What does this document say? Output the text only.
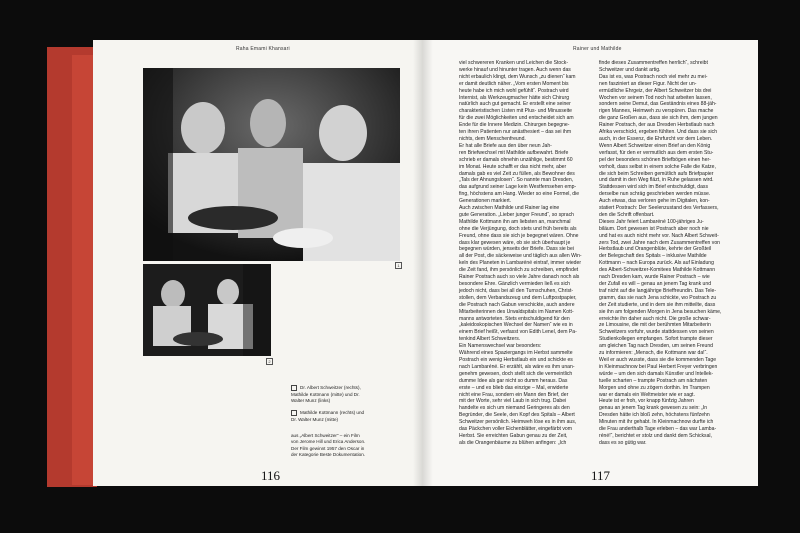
Raha Emami Khansari
1
2

Dr. Albert Schweitzer (rechts),

Mathilde Kottmann (mitte) und Dr.

Walter Munz (links)

Mathilde Kottmann (rechts) und

Dr. Walter Munz (mitte)

aus „Albert Schweitzer“ – ein Film

von Jerome Hill und Erica Anderson.

Der Film gewinnt 1957 den Oscar in

der Kategorie Beste Dokumentation.

116
Rainer und Mathilde

viel schwereren Kranken und Leichen die Stock-

werke hinauf und hinunter tragen. Auch wenn das

nicht erbaulich klingt, dem Wunsch „zu dienen“ kam

er damit deutlich näher. „Vom ersten Moment bis

heute habe ich mich wohl gefühlt“. Postrach wird

Internist, als Werkzeugmacher hätte sich Chirurg

natürlich auch gut gemacht. Er erstellt eine seiner

charakteristischen Listen mit Plus- und Minusseite

für die zwei Möglichkeiten und entscheidet sich am

Ende für die Innere Medizin. Chirurgen begegne-

ten ihren Patienten nur anästhesiert – das sei ihm

nichts, dem Menschenfreund.

Er hat alle Briefe aus den über neun Jah-

ren Briefwechsel mit Mathilde aufbewahrt. Briefe

schrieb er damals ohnehin unzählige, bestimmt 60

im Monat. Heute schafft er das nicht mehr, aber

damals gab es viel Zeit zu füllen, als Bewohner des

„Tals der Ahnungslosen“. So nannte man Dresden,

das aufgrund seiner Lage kein Westfernsehen emp-

fing, höchstens am Hang. Wieder so eine Formel, die

Generationen markiert.

Auch zwischen Mathilde und Rainer lag eine

gute Generation. „Lieber junger Freund“, so sprach

Mathilde Kottmann ihn am liebsten an, manchmal

ohne die Verjüngung, doch stets und früh bereits als

Freund, ohne dass sie sich je begegnet wären. Ohne

dass klar gewesen wäre, ob sie sich überhaupt je

begegnen würden, jenseits der Briefe. Dass sie bei

all der Post, die säckeweise und täglich aus allen Win-

keln des Planeten in Lambaréné eintraf, immer wieder

die Zeit fand, ihm persönlich zu schreiben, empfindet

Rainer Postrach auch so viele Jahre danach noch als

besondere Ehre. Gänzlich vermieden ließ es sich

jedoch nicht, dass bei all den Turnschuhen, Christ-

stollen, dem Verbandszeug und dem Luftpostpapier,

die Postrach nach Gabun verschickte, auch andere

Mitarbeiterinnen des Urwaldspitals im Namen Kott-

manns antworteten. Stets entschuldigend für den

„kaleidoskopischen Wechsel der Namen“ wie es in

einem Brief heißt, verfasst von Edith Lenel, dem Pa-

tenkind Albert Schweitzers.

Ein Namenswechsel war besonders:

Während eines Spaziergangs im Herbst sammelte

Postrach ein wenig Herbstlaub ein und schickte es

nach Lambaréné. Er erzählt, als wäre es ihm unan-

genehm gewesen, doch stellt sich die vermeintlich

dumme Idee als gar nicht so dumm heraus. Das

erste – und es blieb das einzige – Mal, erwiderte

nicht eine Frau, sondern ein Mann den Brief, der

mit der Worte, sehr viel Laub in sich trug. Dabei

handelte es sich um niemand Geringeres als den

Begründer, die Seele, den Kopf des Spitals – Albert

Schweitzer persönlich. Heimweh löse es in ihm aus,

das Päckchen voller Eichenblätter, eingefärbt vom

Herbst. Sie erreichten Gabun genau zu der Zeit,

als die Orangenbäume zu blühen anfingen: „Ich

finde dieses Zusammentreffen herrlich“, schreibt

Schweitzer und dankt artig.

Das ist es, was Postrach noch viel mehr zu mei-

nen fasziniert an dieser Figur. Nicht der un-

ermüdliche Ehrgeiz, der Albert Schweitzer bis drei

Wochen vor seinem Tod noch hat arbeiten lassen,

sondern seine Demut, das Geständnis eines 88-jäh-

rigen Mannes, Heimweh zu verspüren. Das mache

die ganz Großen aus, dass sie sich ihm, dem jungen

Rainer Postrach, der aus Dresden Herbstlaub nach

Afrika verschickt, ergeben fühlten. Und dass sie sich

auch, in der Essenz, die Ehrfurcht vor dem Leben.

Wenn Albert Schweitzer einen Brief an den König

verfasst, für den er vermutlich aus dem ersten Stu-

pel der besonders schönen Briefbögen einen her-

vorholt, dass selbst in einem solche Falle die Katze,

die sich beim Schreiben gemütlich aufs Briefpapier

und damit in den Weg fläzt, in Ruhe gelassen wird.

Stattdessen wird sich im Brief entschuldigt, dass

derselbe nun schräg geschrieben werden müsse.

Auch etwas, das verloren gehe im Digitalen, kon-

statiert Postrach: Der Seelenzustand des Verfassers,

den die Schrift offenbart.

Dieses Jahr feiert Lambaréné 100-jähriges Ju-

biläum. Dort gewesen ist Postrach aber noch nie

und hat es auch nicht mehr vor. Nach Albert Schweit-

zers Tod, zwei Jahre nach dem Zusammentreffen von

Herbstlaub und Orangenblüte, kehrte der Großteil

der Belegschaft des Spitals – inklusive Mathilde

Kottmann – nach Europa zurück. Als auf Einladung

des Albert-Schweitzer-Komitees Mathilde Kottmann

nach Dresden kam, wurde Rainer Postrach – wie

der Zufall es will – genau an jenem Tag krank und

traf nicht auf die langjährige Brieffreundin. Das Tele-

gramm, das sie nach Jena schickte, wo Postrach zu

der Zeit studierte, und in dem sie ihm mitteilte, dass

sie ihn am folgenden Morgen in Jena besuchen käme,

erreichte ihn daher auch nicht. Die große schwar-

ze Limousine, die mit der berühmten Mitarbeiterin

Schweitzers vorfuhr, wurde stattdessen von seinen

Studienkollegen empfangen. Sofort trampte dieser

am gleichen Tag nach Dresden, um seinen Freund

zu informieren: „Mensch, die Kottmann war da!“.

Weil er auch wusste, dass sie die kommenden Tage

in Kleinmachnow bei Paul Herbert Freyer verbringen

würde – um den sich damals Künstler und Intellek-

tuelle scharten – trampte Postrach am nächsten

Morgen und ohne zu zögern dorthin. Im Trampen

war er damals ein Weltmeister wie er sagt.

Heute ist er froh, vor knapp fünfzig Jahren

genau an jenem Tag krank gewesen zu sein: „In

Dresden hätte ich bloß zehn, höchstens fünfzehn

Minuten mit ihr gehabt. In Kleinmachnow durfte ich

die Frau anderthalb Tage erleben – das war Lamba-

réné!“, berichtet er stolz und dankt dem Schicksal,

dass es so gütig war.

117
